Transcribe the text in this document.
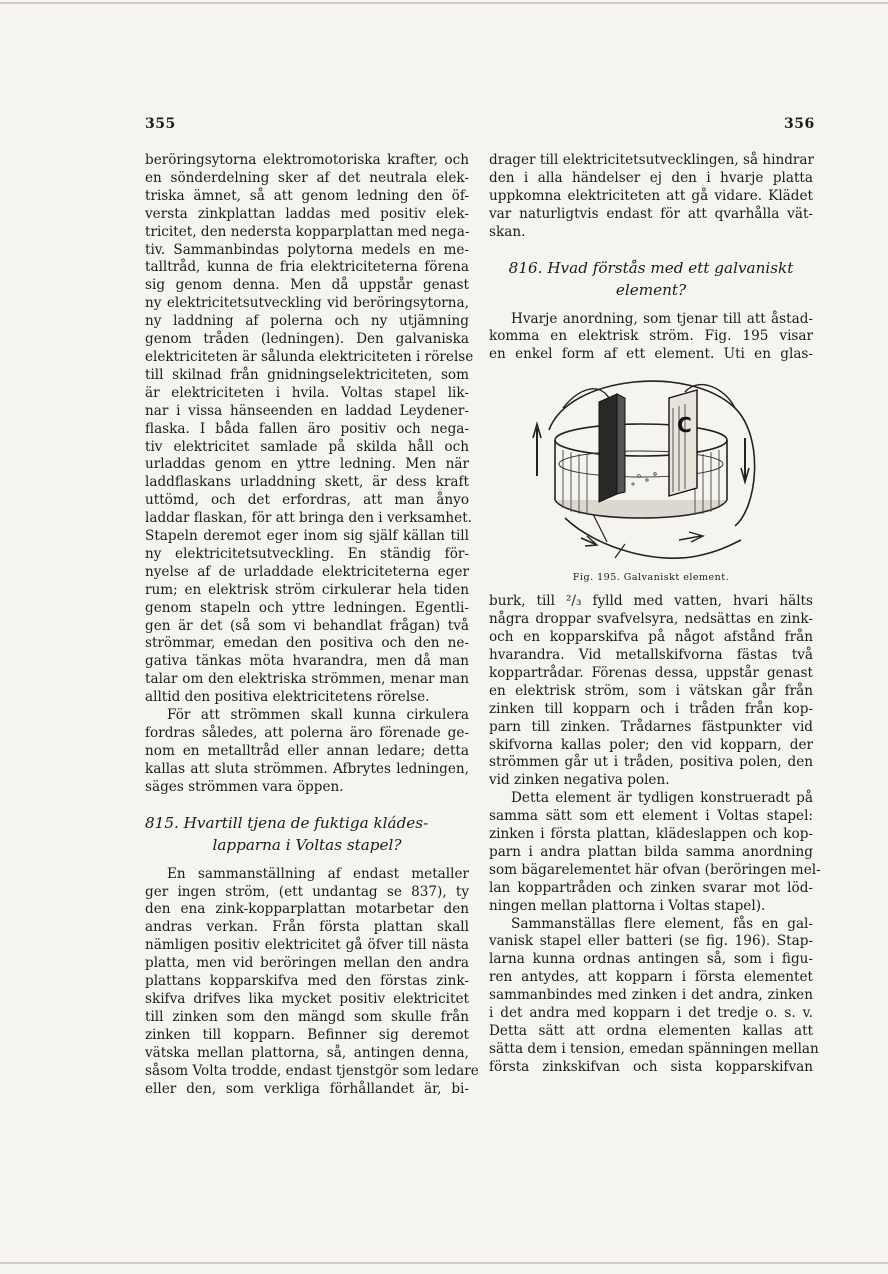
355	356
beröringsytorna elektromotoriska krafter, och
en sönderdelning sker af det neutrala elek-
triska ämnet, så att genom ledning den öf-
versta zinkplattan laddas med positiv elek-
tricitet, den nedersta kopparplattan med nega-
tiv. Sammanbindas polytorna medels en me-
talltråd, kunna de fria elektriciteterna förena
sig genom denna. Men då uppstår genast
ny elektricitetsutveckling vid beröringsytorna,
ny laddning af polerna och ny utjämning
genom tråden (ledningen). Den galvaniska
elektriciteten är sålunda elektriciteten i rörelse
till skilnad från gnidningselektriciteten, som
är elektriciteten i hvila. Voltas stapel lik-
nar i vissa hänseenden en laddad Leydener-
flaska. I båda fallen äro positiv och nega-
tiv elektricitet samlade på skilda håll och
urladdas genom en yttre ledning. Men när
laddflaskans urladdning skett, är dess kraft
uttömd, och det erfordras, att man ånyo
laddar flaskan, för att bringa den i verksamhet.
Stapeln deremot eger inom sig själf källan till
ny elektricitetsutveckling. En ständig för-
nyelse af de urladdade elektriciteterna eger
rum; en elektrisk ström cirkulerar hela tiden
genom stapeln och yttre ledningen. Egentli-
gen är det (så som vi behandlat frågan) två
strömmar, emedan den positiva och den ne-
gativa tänkas möta hvarandra, men då man
talar om den elektriska strömmen, menar man
alltid den positiva elektricitetens rörelse.
För att strömmen skall kunna cirkulera
fordras således, att polerna äro förenade ge-
nom en metalltråd eller annan ledare; detta
kallas att sluta strömmen. Afbrytes ledningen,
säges strömmen vara öppen.
815. Hvartill tjena de fuktiga kládes-
lapparna i Voltas stapel?
En sammanställning af endast metaller
ger ingen ström, (ett undantag se 837), ty
den ena zink-kopparplattan motarbetar den
andras verkan. Från första plattan skall
nämligen positiv elektricitet gå öfver till nästa
platta, men vid beröringen mellan den andra
plattans kopparskifva med den förstas zink-
skifva drifves lika mycket positiv elektricitet
till zinken som den mängd som skulle från
zinken till kopparn. Befinner sig deremot
vätska mellan plattorna, så, antingen denna,
såsom Volta trodde, endast tjenstgör som ledare
eller den, som verkliga förhållandet är, bi-
drager till elektricitetsutvecklingen, så hindrar
den i alla händelser ej den i hvarje platta
uppkomna elektriciteten att gå vidare. Klädet
var naturligtvis endast för att qvarhålla vät-
skan.
816. Hvad förstås med ett galvaniskt
element?
Hvarje anordning, som tjenar till att åstad-
komma en elektrisk ström. Fig. 195 visar
en enkel form af ett element. Uti en glas-
C
Fig. 195. Galvaniskt element.
burk, till ²/₃ fylld med vatten, hvari hälts
några droppar svafvelsyra, nedsättas en zink-
och en kopparskifva på något afstånd från
hvarandra. Vid metallskifvorna fästas två
koppartrådar. Förenas dessa, uppstår genast
en elektrisk ström, som i vätskan går från
zinken till kopparn och i tråden från kop-
parn till zinken. Trådarnes fästpunkter vid
skifvorna kallas poler; den vid kopparn, der
strömmen går ut i tråden, positiva polen, den
vid zinken negativa polen.
Detta element är tydligen konstrueradt på
samma sätt som ett element i Voltas stapel:
zinken i första plattan, klädeslappen och kop-
parn i andra plattan bilda samma anordning
som bägarelementet här ofvan (beröringen mel-
lan koppartråden och zinken svarar mot löd-
ningen mellan plattorna i Voltas stapel).
Sammanställas flere element, fås en gal-
vanisk stapel eller batteri (se fig. 196). Stap-
larna kunna ordnas antingen så, som i figu-
ren antydes, att kopparn i första elementet
sammanbindes med zinken i det andra, zinken
i det andra med kopparn i det tredje o. s. v.
Detta sätt att ordna elementen kallas att
sätta dem i tension, emedan spänningen mellan
första zinkskifvan och sista kopparskifvan
